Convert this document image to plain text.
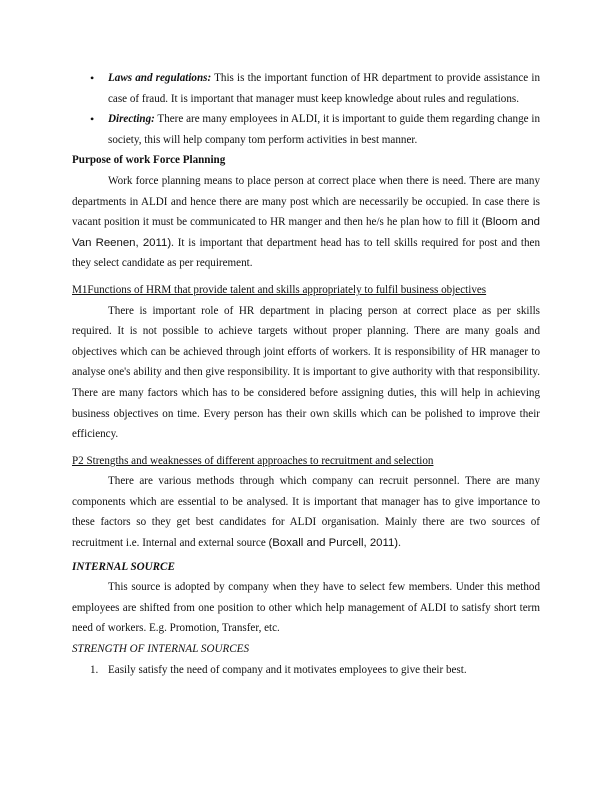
• Laws and regulations: This is the important function of HR department to provide assistance in case of fraud. It is important that manager must keep knowledge about rules and regulations.
• Directing: There are many employees in ALDI, it is important to guide them regarding change in society, this will help company tom perform activities in best manner.

Purpose of work Force Planning

Work force planning means to place person at correct place when there is need. There are many departments in ALDI and hence there are many post which are necessarily be occupied. In case there is vacant position it must be communicated to HR manger and then he/s he plan how to fill it (Bloom and Van Reenen, 2011). It is important that department head has to tell skills required for post and then they select candidate as per requirement.

M1Functions of HRM that provide talent and skills appropriately to fulfil business objectives

There is important role of HR department in placing person at correct place as per skills required. It is not possible to achieve targets without proper planning. There are many goals and objectives which can be achieved through joint efforts of workers. It is responsibility of HR manager to analyse one's ability and then give responsibility. It is important to give authority with that responsibility. There are many factors which has to be considered before assigning duties, this will help in achieving business objectives on time. Every person has their own skills which can be polished to improve their efficiency.

P2 Strengths and weaknesses of different approaches to recruitment and selection

There are various methods through which company can recruit personnel. There are many components which are essential to be analysed. It is important that manager has to give importance to these factors so they get best candidates for ALDI organisation. Mainly there are two sources of recruitment i.e. Internal and external source (Boxall and Purcell, 2011).

INTERNAL SOURCE

This source is adopted by company when they have to select few members. Under this method employees are shifted from one position to other which help management of ALDI to satisfy short term need of workers. E.g. Promotion, Transfer, etc.

STRENGTH OF INTERNAL SOURCES

1. Easily satisfy the need of company and it motivates employees to give their best.
